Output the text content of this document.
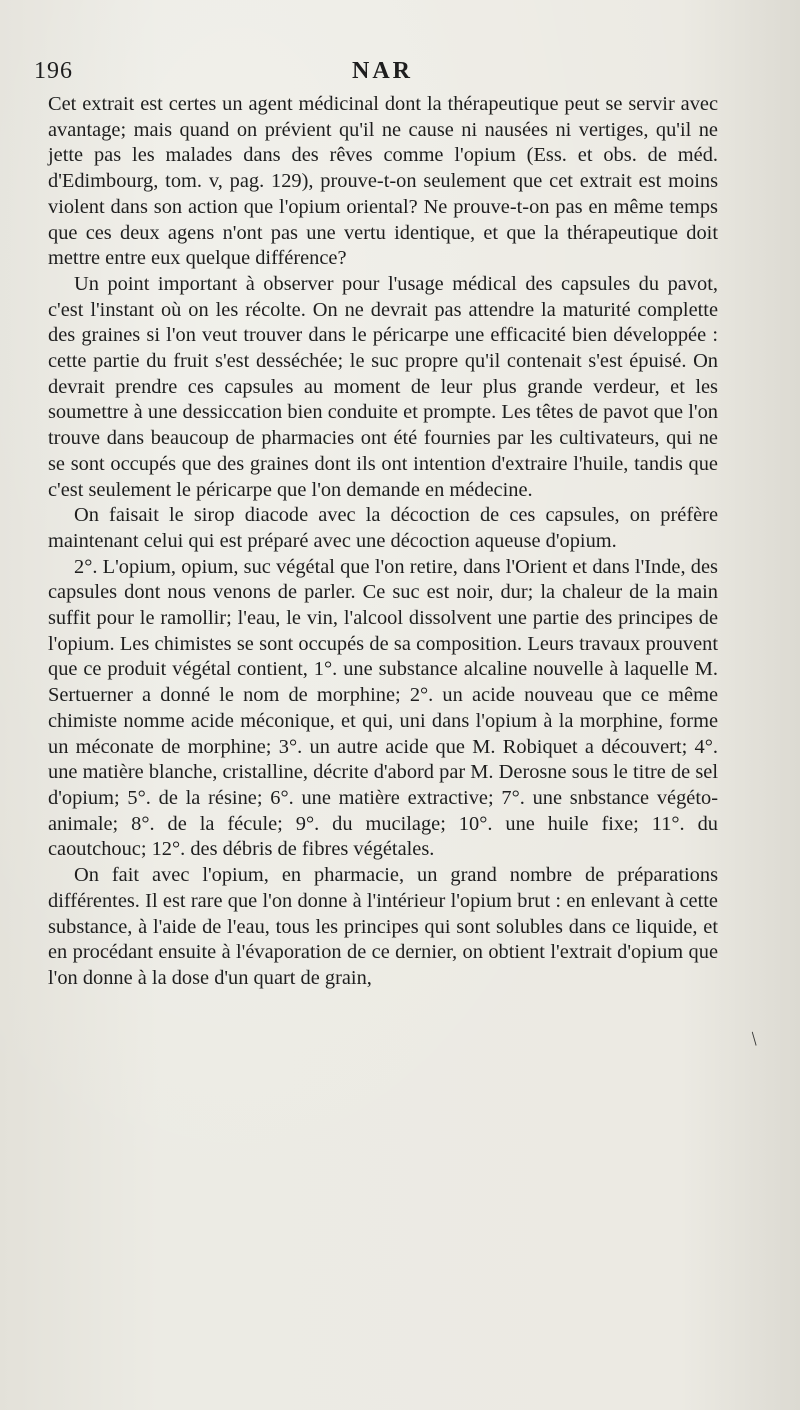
196	NAR

Cet extrait est certes un agent médicinal dont la thérapeutique peut se servir avec avantage; mais quand on prévient qu'il ne cause ni nausées ni vertiges, qu'il ne jette pas les malades dans des rêves comme l'opium (Ess. et obs. de méd. d'Edimbourg, tom. v, pag. 129), prouve-t-on seulement que cet extrait est moins violent dans son action que l'opium oriental? Ne prouve-t-on pas en même temps que ces deux agens n'ont pas une vertu identique, et que la thérapeutique doit mettre entre eux quelque différence?

Un point important à observer pour l'usage médical des capsules du pavot, c'est l'instant où on les récolte. On ne devrait pas attendre la maturité complette des graines si l'on veut trouver dans le péricarpe une efficacité bien développée : cette partie du fruit s'est desséchée; le suc propre qu'il contenait s'est épuisé. On devrait prendre ces capsules au moment de leur plus grande verdeur, et les soumettre à une dessiccation bien conduite et prompte. Les têtes de pavot que l'on trouve dans beaucoup de pharmacies ont été fournies par les cultivateurs, qui ne se sont occupés que des graines dont ils ont intention d'extraire l'huile, tandis que c'est seulement le péricarpe que l'on demande en médecine.

On faisait le sirop diacode avec la décoction de ces capsules, on préfère maintenant celui qui est préparé avec une décoction aqueuse d'opium.

2°. L'opium, opium, suc végétal que l'on retire, dans l'Orient et dans l'Inde, des capsules dont nous venons de parler. Ce suc est noir, dur; la chaleur de la main suffit pour le ramollir; l'eau, le vin, l'alcool dissolvent une partie des principes de l'opium. Les chimistes se sont occupés de sa composition. Leurs travaux prouvent que ce produit végétal contient, 1°. une substance alcaline nouvelle à laquelle M. Sertuerner a donné le nom de morphine; 2°. un acide nouveau que ce même chimiste nomme acide méconique, et qui, uni dans l'opium à la morphine, forme un méconate de morphine; 3°. un autre acide que M. Robiquet a découvert; 4°. une matière blanche, cristalline, décrite d'abord par M. Derosne sous le titre de sel d'opium; 5°. de la résine; 6°. une matière extractive; 7°. une snbstance végéto-animale; 8°. de la fécule; 9°. du mucilage; 10°. une huile fixe; 11°. du caoutchouc; 12°. des débris de fibres végétales.

On fait avec l'opium, en pharmacie, un grand nombre de préparations différentes. Il est rare que l'on donne à l'intérieur l'opium brut : en enlevant à cette substance, à l'aide de l'eau, tous les principes qui sont solubles dans ce liquide, et en procédant ensuite à l'évaporation de ce dernier, on obtient l'extrait d'opium que l'on donne à la dose d'un quart de grain,

/
